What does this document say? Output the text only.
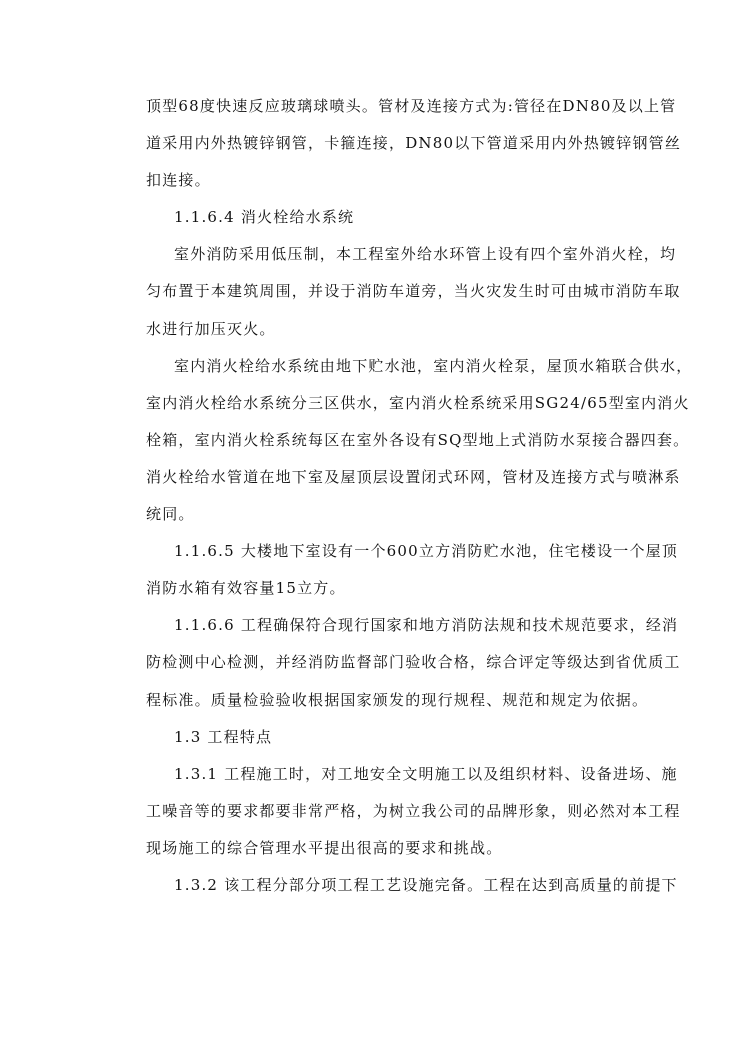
顶型68度快速反应玻璃球喷头。管材及连接方式为:管径在DN80及以上管
道采用内外热镀锌钢管，卡箍连接，DN80以下管道采用内外热镀锌钢管丝
扣连接。

1.1.6.4 消火栓给水系统

室外消防采用低压制，本工程室外给水环管上设有四个室外消火栓，均
匀布置于本建筑周围，并设于消防车道旁，当火灾发生时可由城市消防车取
水进行加压灭火。

室内消火栓给水系统由地下贮水池，室内消火栓泵，屋顶水箱联合供水，
室内消火栓给水系统分三区供水，室内消火栓系统采用SG24/65型室内消火
栓箱，室内消火栓系统每区在室外各设有SQ型地上式消防水泵接合器四套。
消火栓给水管道在地下室及屋顶层设置闭式环网，管材及连接方式与喷淋系
统同。

1.1.6.5 大楼地下室设有一个600立方消防贮水池，住宅楼设一个屋顶
消防水箱有效容量15立方。

1.1.6.6 工程确保符合现行国家和地方消防法规和技术规范要求，经消
防检测中心检测，并经消防监督部门验收合格，综合评定等级达到省优质工
程标准。质量检验验收根据国家颁发的现行规程、规范和规定为依据。

1.3 工程特点

1.3.1 工程施工时，对工地安全文明施工以及组织材料、设备进场、施
工噪音等的要求都要非常严格，为树立我公司的品牌形象，则必然对本工程
现场施工的综合管理水平提出很高的要求和挑战。

1.3.2 该工程分部分项工程工艺设施完备。工程在达到高质量的前提下
